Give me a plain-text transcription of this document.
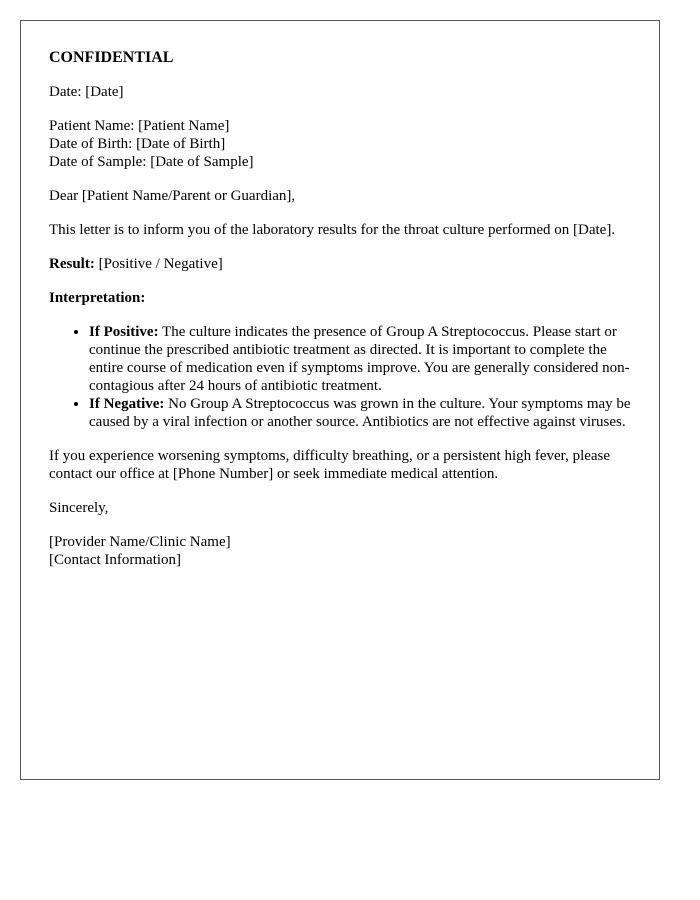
CONFIDENTIAL

Date: [Date]

Patient Name: [Patient Name]
Date of Birth: [Date of Birth]
Date of Sample: [Date of Sample]

Dear [Patient Name/Parent or Guardian],

This letter is to inform you of the laboratory results for the throat culture performed on [Date].

Result: [Positive / Negative]

Interpretation:

• If Positive: The culture indicates the presence of Group A Streptococcus. Please start or continue the prescribed antibiotic treatment as directed. It is important to complete the entire course of medication even if symptoms improve. You are generally considered non-contagious after 24 hours of antibiotic treatment.
• If Negative: No Group A Streptococcus was grown in the culture. Your symptoms may be caused by a viral infection or another source. Antibiotics are not effective against viruses.

If you experience worsening symptoms, difficulty breathing, or a persistent high fever, please contact our office at [Phone Number] or seek immediate medical attention.

Sincerely,

[Provider Name/Clinic Name]
[Contact Information]
